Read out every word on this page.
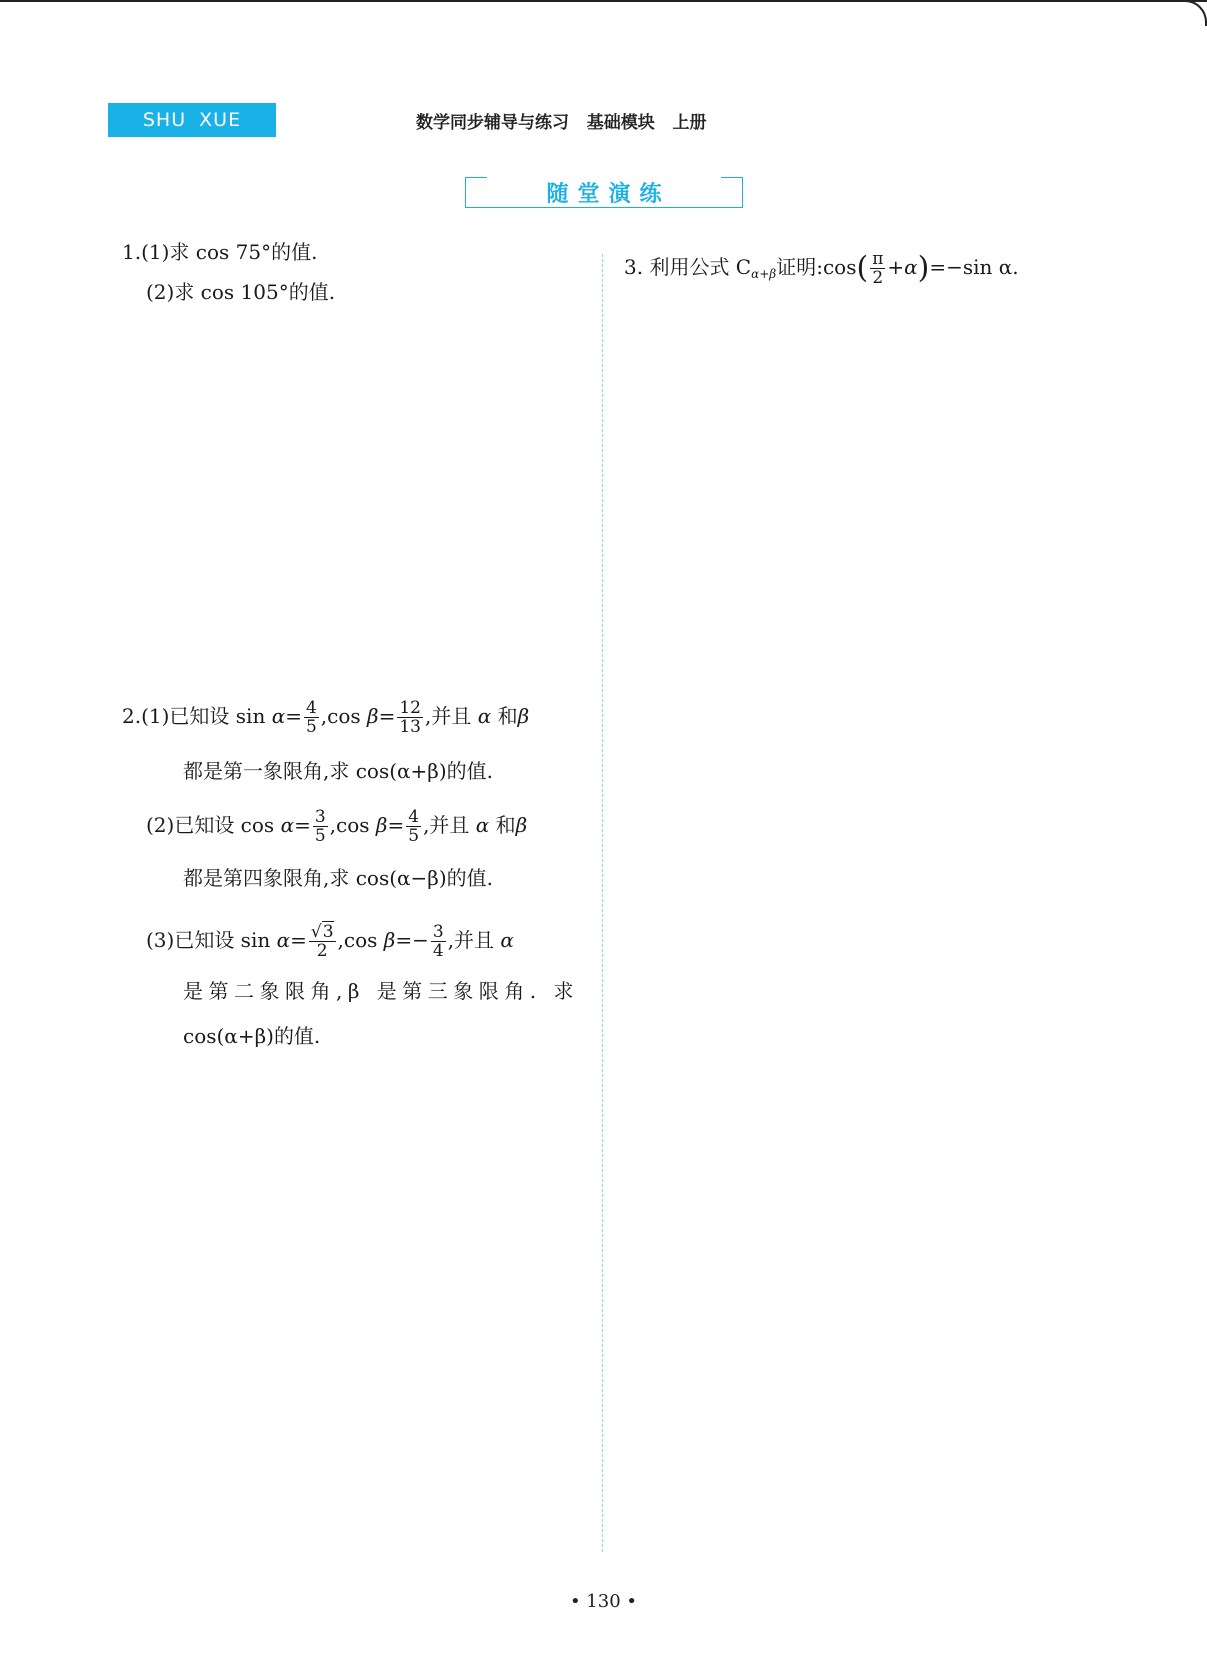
SHU XUE	数学同步辅导与练习   基础模块   上册
随堂演练
1.(1)求 cos 75°的值.
(2)求 cos 105°的值.
2.(1)已知设 $\sin \alpha= \frac{4}{5} ,\cos$ $\beta= \frac{12}{13}$ ,并且 α 和β
都是第一象限角,求 cos(α+β)的值.
(2)已知设 $\cos \alpha= \frac{3}{5} ,\cos$ $\beta= \frac{4}{5}$ ,并且 α 和β
都是第四象限角,求 cos(α−β)的值.
(3)已知设 $\sin \alpha= \frac{√3}{2} ,\cos$ $\beta=- \frac{3}{4}$ ,并且 α
是第二象限角,β 是第三象限角. 求
cos(α+β)的值.
3. 利用公式 $C_{\alpha+\beta}$证明:cos( $\frac{\pi}{2} +\alpha)=-\sin$ α.
• 130 •
